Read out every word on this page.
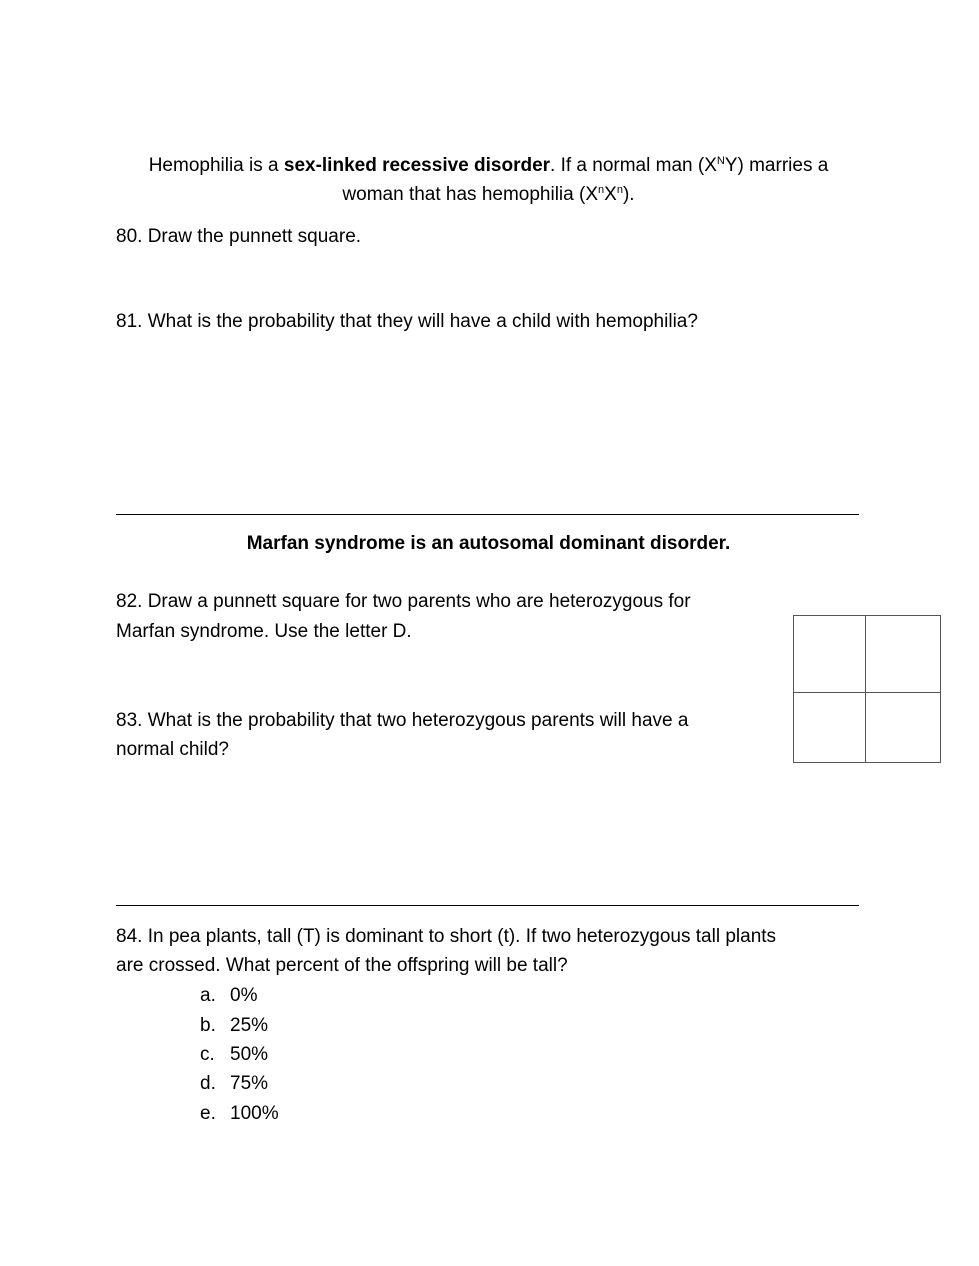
Hemophilia is a sex-linked recessive disorder. If a normal man $(X^NY)$ marries a
woman that has hemophilia $(X^nX^n)$.
80. Draw the punnett square.
81. What is the probability that they will have a child with hemophilia?
Marfan syndrome is an autosomal dominant disorder.
82. Draw a punnett square for two parents who are heterozygous for
Marfan syndrome. Use the letter D.
83. What is the probability that two heterozygous parents will have a
normal child?
84. In pea plants, tall (T) is dominant to short (t). If two heterozygous tall plants
are crossed. What percent of the offspring will be tall?
a. 0%
b. 25%
c. 50%
d. 75%
e. 100%
